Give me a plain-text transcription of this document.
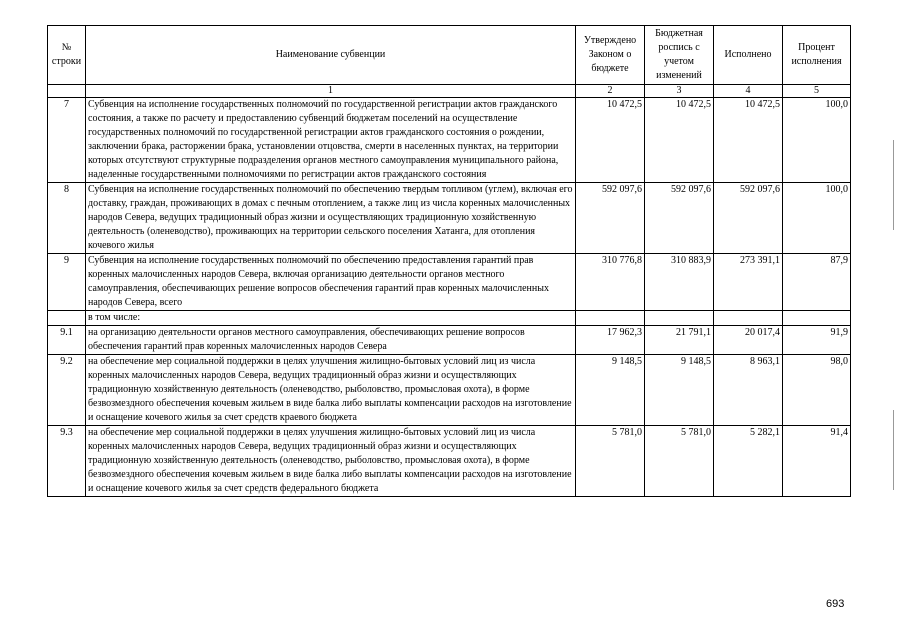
№ строки	Наименование субвенции	Утверждено Законом о бюджете	Бюджетная роспись с учетом изменений	Исполнено	Процент исполнения
	1	2	3	4	5
7	Субвенция на исполнение государственных полномочий по государственной регистрации актов гражданского состояния, а также по расчету и предоставлению субвенций бюджетам поселений на осуществление государственных полномочий по государственной регистрации актов гражданского состояния о рождении, заключении брака, расторжении брака, установлении отцовства, смерти в населенных пунктах, на территории которых отсутствуют структурные подразделения органов местного самоуправления муниципального района, наделенные государственными полномочиями по регистрации актов гражданского состояния	10 472,5	10 472,5	10 472,5	100,0
8	Субвенция на исполнение государственных полномочий по обеспечению твердым топливом (углем), включая его доставку, граждан, проживающих в домах с печным отоплением, а также лиц из числа коренных малочисленных народов Севера, ведущих традиционный образ жизни и осуществляющих традиционную хозяйственную деятельность (оленеводство), проживающих на территории сельского поселения Хатанга, для отопления кочевого жилья	592 097,6	592 097,6	592 097,6	100,0
9	Субвенция на исполнение государственных полномочий по обеспечению предоставления гарантий прав коренных малочисленных народов Севера, включая организацию деятельности органов местного самоуправления, обеспечивающих решение вопросов обеспечения гарантий прав коренных малочисленных народов Севера, всего	310 776,8	310 883,9	273 391,1	87,9
	в том числе:				
9.1	на организацию деятельности органов местного самоуправления, обеспечивающих решение вопросов обеспечения гарантий прав коренных малочисленных народов Севера	17 962,3	21 791,1	20 017,4	91,9
9.2	на обеспечение мер социальной поддержки в целях улучшения жилищно-бытовых условий лиц из числа коренных малочисленных народов Севера, ведущих традиционный образ жизни и осуществляющих традиционную хозяйственную деятельность (оленеводство, рыболовство, промысловая охота), в форме безвозмездного обеспечения кочевым жильем в виде балка либо выплаты компенсации расходов на изготовление и оснащение кочевого жилья за счет средств краевого бюджета	9 148,5	9 148,5	8 963,1	98,0
9.3	на обеспечение мер социальной поддержки в целях улучшения жилищно-бытовых условий лиц из числа коренных малочисленных народов Севера, ведущих традиционный образ жизни и осуществляющих традиционную хозяйственную деятельность (оленеводство, рыболовство, промысловая охота), в форме безвозмездного обеспечения кочевым жильем в виде балка либо выплаты компенсации расходов на изготовление и оснащение кочевого жилья за счет средств федерального бюджета	5 781,0	5 781,0	5 282,1	91,4
693
